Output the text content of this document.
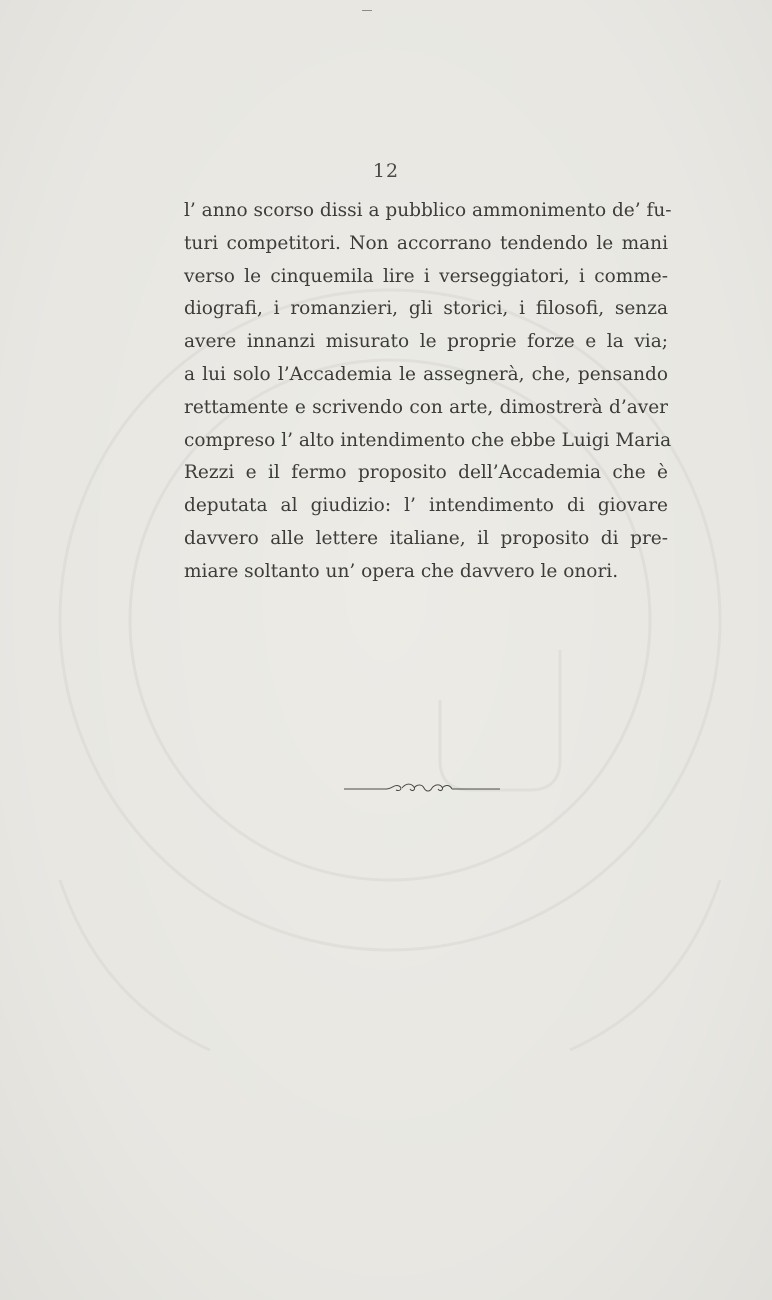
12
l’ anno scorso dissi a pubblico ammonimento de’ fu-
turi competitori. Non accorrano tendendo le mani
verso le cinquemila lire i verseggiatori, i comme-
diografi, i romanzieri, gli storici, i filosofi, senza
avere innanzi misurato le proprie forze e la via;
a lui solo l’Accademia le assegnerà, che, pensando
rettamente e scrivendo con arte, dimostrerà d’aver
compreso l’ alto intendimento che ebbe Luigi Maria
Rezzi e il fermo proposito dell’Accademia che è
deputata al giudizio: l’ intendimento di giovare
davvero alle lettere italiane, il proposito di pre-
miare soltanto un’ opera che davvero le onori.
